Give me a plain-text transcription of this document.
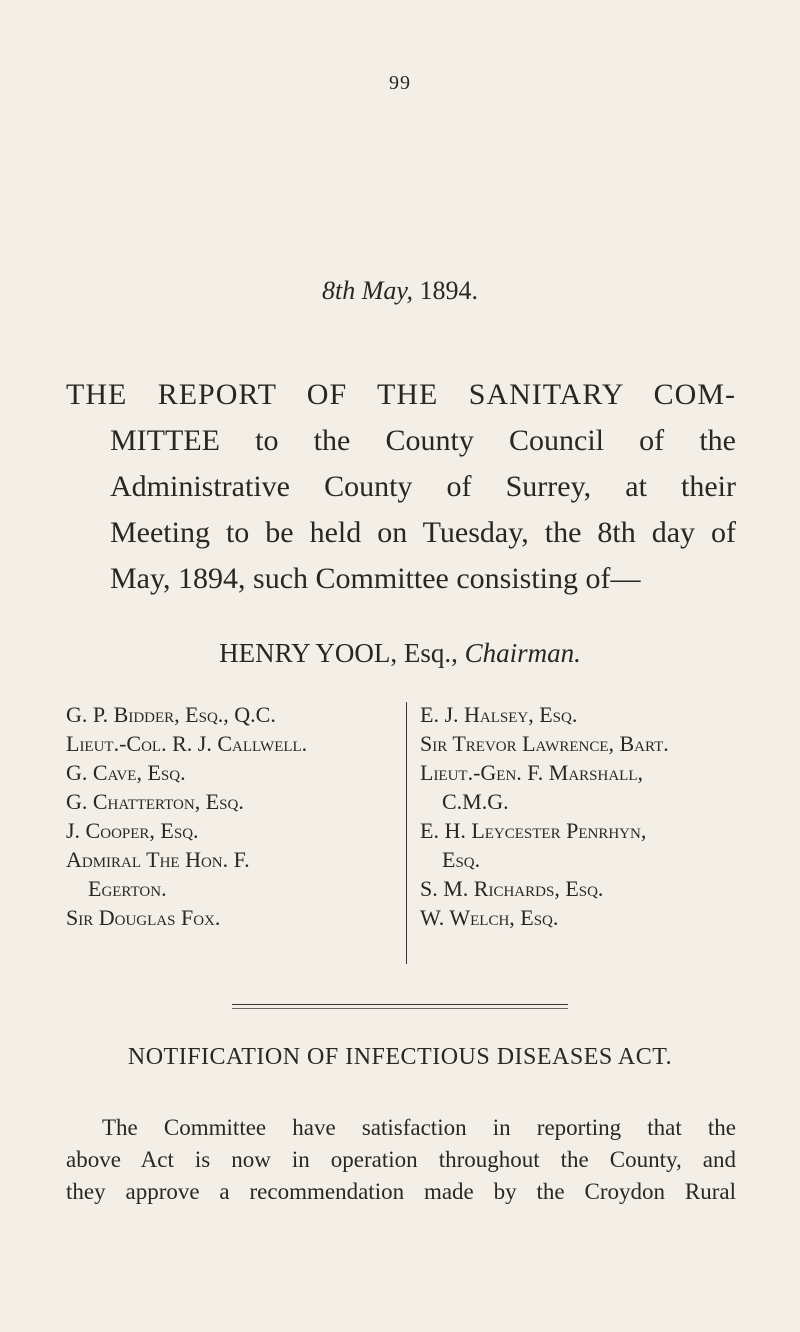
99
8th May, 1894.
THE REPORT OF THE SANITARY COM-
MITTEE to the County Council of the
Administrative County of Surrey, at their
Meeting to be held on Tuesday, the 8th day of
May, 1894, such Committee consisting of—
HENRY YOOL, Esq., Chairman.
G. P. Bidder, Esq., Q.C.
Lieut.-Col. R. J. Callwell.
G. Cave, Esq.
G. Chatterton, Esq.
J. Cooper, Esq.
Admiral The Hon. F.
Egerton.
Sir Douglas Fox.
E. J. Halsey, Esq.
Sir Trevor Lawrence, Bart.
Lieut.-Gen. F. Marshall,
C.M.G.
E. H. Leycester Penrhyn,
Esq.
S. M. Richards, Esq.
W. Welch, Esq.
NOTIFICATION OF INFECTIOUS DISEASES ACT.
The Committee have satisfaction in reporting that the
above Act is now in operation throughout the County, and
they approve a recommendation made by the Croydon Rural
